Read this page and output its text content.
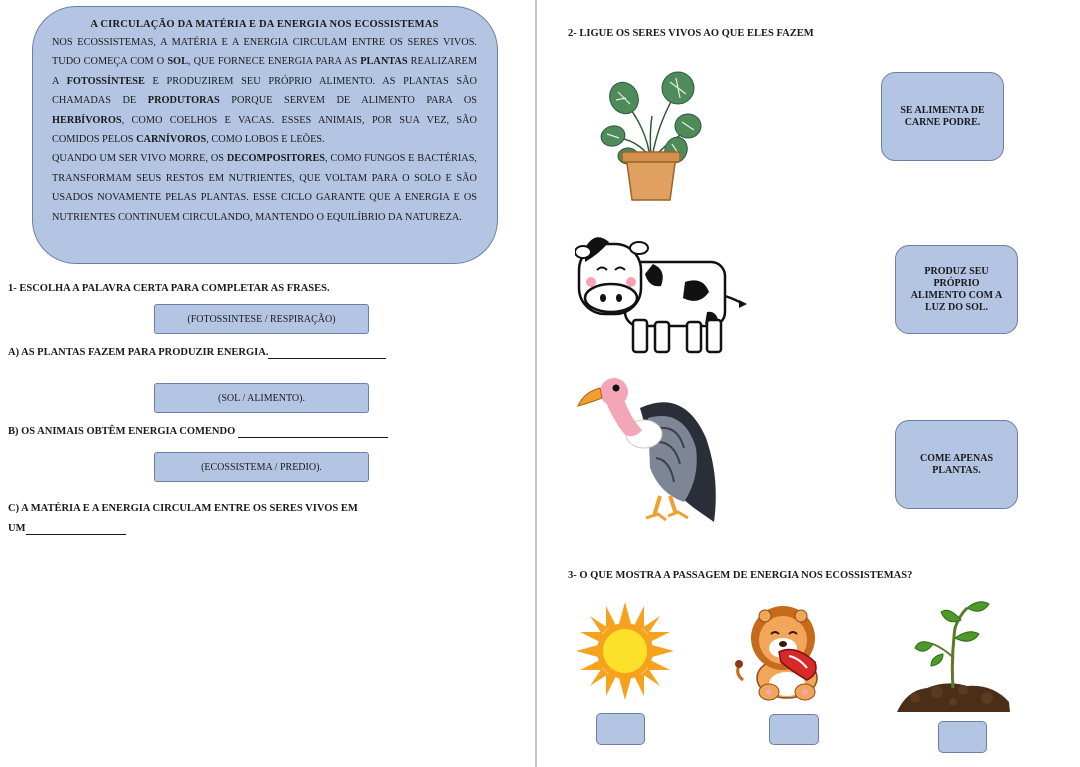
A CIRCULAÇÃO DA MATÉRIA E DA ENERGIA NOS ECOSSISTEMAS

NOS ECOSSISTEMAS, A MATÉRIA E A ENERGIA CIRCULAM ENTRE OS SERES VIVOS. TUDO COMEÇA COM O SOL, QUE FORNECE ENERGIA PARA AS PLANTAS REALIZAREM A FOTOSSÍNTESE E PRODUZIREM SEU PRÓPRIO ALIMENTO. AS PLANTAS SÃO CHAMADAS DE PRODUTORAS PORQUE SERVEM DE ALIMENTO PARA OS HERBÍVOROS, COMO COELHOS E VACAS. ESSES ANIMAIS, POR SUA VEZ, SÃO COMIDOS PELOS CARNÍVOROS, COMO LOBOS E LEÕES.

QUANDO UM SER VIVO MORRE, OS DECOMPOSITORES, COMO FUNGOS E BACTÉRIAS, TRANSFORMAM SEUS RESTOS EM NUTRIENTES, QUE VOLTAM PARA O SOLO E SÃO USADOS NOVAMENTE PELAS PLANTAS. ESSE CICLO GARANTE QUE A ENERGIA E OS NUTRIENTES CONTINUEM CIRCULANDO, MANTENDO O EQUILÍBRIO DA NATUREZA.

1- ESCOLHA A PALAVRA CERTA PARA COMPLETAR AS FRASES.
(FOTOSSINTESE / RESPIRAÇÃO)
A) AS PLANTAS FAZEM PARA PRODUZIR ENERGIA.
(SOL / ALIMENTO).
B) OS ANIMAIS OBTÊM ENERGIA COMENDO
(ECOSSISTEMA / PREDIO).
C) A MATÉRIA E A ENERGIA CIRCULAM ENTRE OS SERES VIVOS EM
UM
2- LIGUE OS SERES VIVOS AO QUE ELES FAZEM
SE ALIMENTA DE
CARNE PODRE.
PRODUZ SEU
PRÓPRIO
ALIMENTO COM A
LUZ DO SOL.
COME APENAS
PLANTAS.
3- O QUE MOSTRA A PASSAGEM DE ENERGIA NOS ECOSSISTEMAS?
